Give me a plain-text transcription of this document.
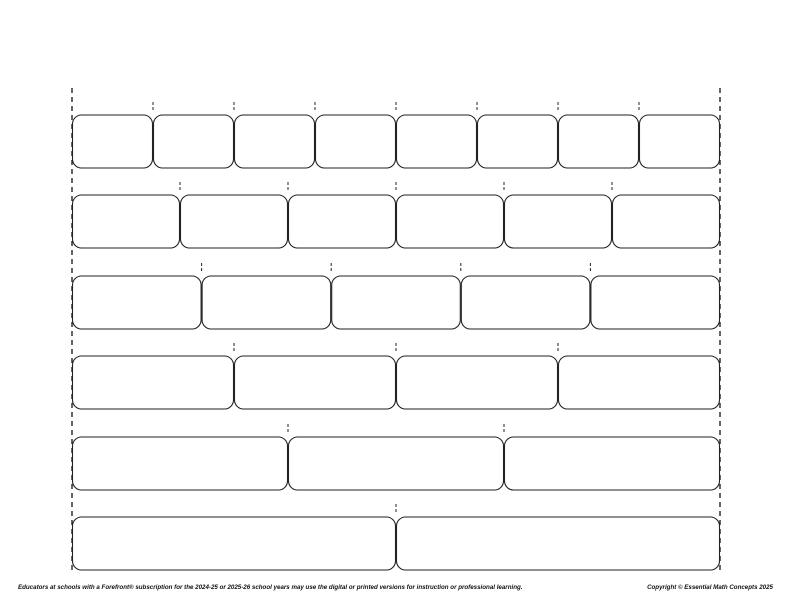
Educators at schools with a Forefront® subscription for the 2024-25 or 2025-26 school years may use the digital or printed versions for instruction or professional learning.	Copyright © Essential Math Concepts 2025
